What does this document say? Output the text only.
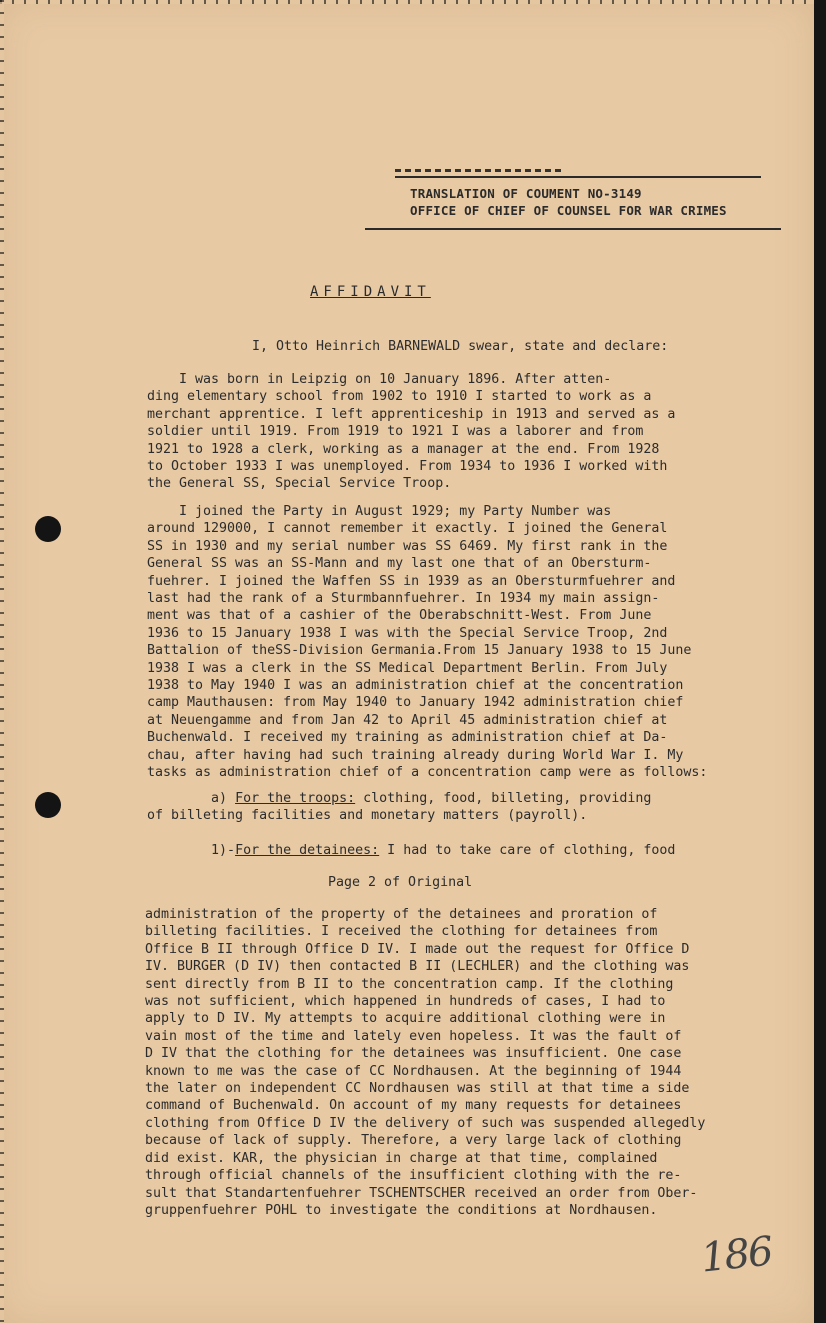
TRANSLATION OF COUMENT NO-3149
OFFICE OF CHIEF OF COUNSEL FOR WAR CRIMES
AFFIDAVIT
I, Otto Heinrich BARNEWALD swear, state and declare:
I was born in Leipzig on 10 January 1896. After atten-
ding elementary school from 1902 to 1910 I started to work as a
merchant apprentice. I left apprenticeship in 1913 and served as a
soldier until 1919. From 1919 to 1921 I was a laborer and from
1921 to 1928 a clerk, working as a manager at the end. From 1928
to October 1933 I was unemployed. From 1934 to 1936 I worked with
the General SS, Special Service Troop.
I joined the Party in August 1929; my Party Number was
around 129000, I cannot remember it exactly. I joined the General
SS in 1930 and my serial number was SS 6469. My first rank in the
General SS was an SS-Mann and my last one that of an Obersturm-
fuehrer. I joined the Waffen SS in 1939 as an Obersturmfuehrer and
last had the rank of a Sturmbannfuehrer. In 1934 my main assign-
ment was that of a cashier of the Oberabschnitt-West. From June
1936 to 15 January 1938 I was with the Special Service Troop, 2nd
Battalion of theSS-Division Germania.From 15 January 1938 to 15 June
1938 I was a clerk in the SS Medical Department Berlin. From July
1938 to May 1940 I was an administration chief at the concentration
camp Mauthausen: from May 1940 to January 1942 administration chief
at Neuengamme and from Jan 42 to April 45 administration chief at
Buchenwald. I received my training as administration chief at Da-
chau, after having had such training already during World War I. My
tasks as administration chief of a concentration camp were as follows:
a) For the troops: clothing, food, billeting, providing
of billeting facilities and monetary matters (payroll).
1)-For the detainees: I had to take care of clothing, food
Page 2 of Original
administration of the property of the detainees and proration of
billeting facilities. I received the clothing for detainees from
Office B II through Office D IV. I made out the request for Office D
IV. BURGER (D IV) then contacted B II (LECHLER) and the clothing was
sent directly from B II to the concentration camp. If the clothing
was not sufficient, which happened in hundreds of cases, I had to
apply to D IV. My attempts to acquire additional clothing were in
vain most of the time and lately even hopeless. It was the fault of
D IV that the clothing for the detainees was insufficient. One case
known to me was the case of CC Nordhausen. At the beginning of 1944
the later on independent CC Nordhausen was still at that time a side
command of Buchenwald. On account of my many requests for detainees
clothing from Office D IV the delivery of such was suspended allegedly
because of lack of supply. Therefore, a very large lack of clothing
did exist. KAR, the physician in charge at that time, complained
through official channels of the insufficient clothing with the re-
sult that Standartenfuehrer TSCHENTSCHER received an order from Ober-
gruppenfuehrer POHL to investigate the conditions at Nordhausen.
186
